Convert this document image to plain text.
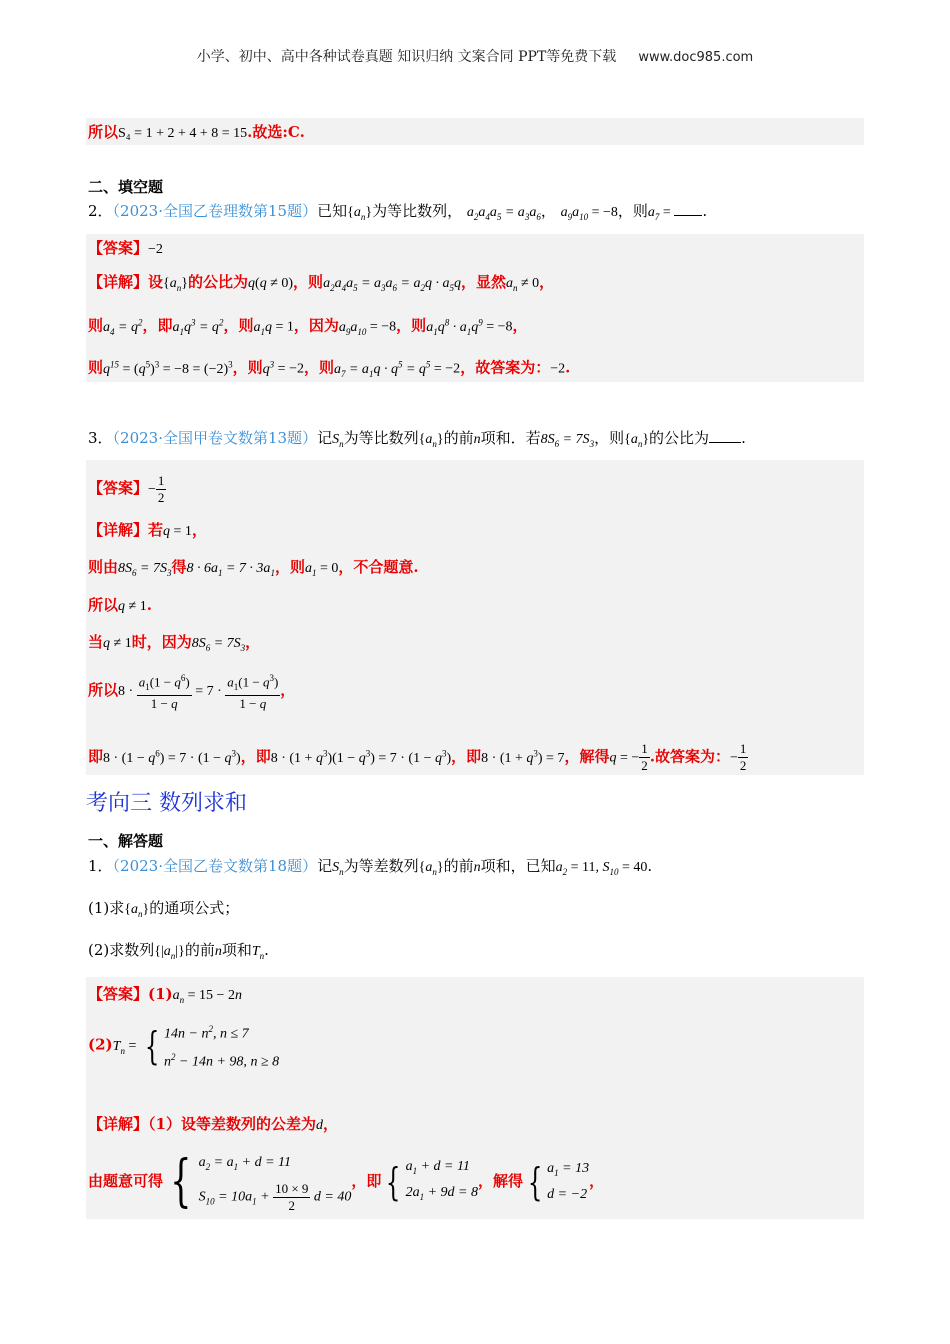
小学、初中、高中各种试卷真题 知识归纳 文案合同 PPT等免费下载 www.doc985.com
所以S₄ = 1 + 2 + 4 + 8 = 15.故选:C.
二、填空题
2．（2023·全国乙卷理数第15题）已知$\{a_n\}$为等比数列， $a_2a_4a_5 = a_3a_6$， $a_9a_{10} = -8$，则$a_7$ = .
【答案】−2
【详解】设$\{a_n\}$的公比为q(q ≠ 0)，则$a_2a_4a_5 = a_3a_6 = a_2q \cdot a_5q$，显然$a_n \ne 0$，
则$a_4 = q^2$，即$a_1q^3 = q^2$，则$a_1q = 1$，因为$a_9a_{10} = -8$，则$a_1q^8 \cdot a_1q^9 = -8$，
则$q^{15} = (q^5)^3 = -8 = (-2)^3$，则$q^3 = -2$，则$a_7 = a_1q \cdot q^5 = q^5 = -2$，故答案为：−2.
3．（2023·全国甲卷文数第13题）记$S_n$为等比数列$\{a_n\}$的前n项和．若$8S_6 = 7S_3$，则$\{a_n\}$的公比为 .
【答案】− $\frac{1}{2}$
【详解】若q = 1，
则由$8S_6 = 7S_3$得$8 \cdot 6a_1 = 7 \cdot 3a_1$，则$a_1 = 0$，不合题意.
所以q ≠ 1.
当q ≠ 1时，因为$8S_6 = 7S_3$，
所以$8 \cdot \frac{a_1(1 - q^6)}{1 - q} = 7 \cdot \frac{a_1(1 - q^3)}{1 - q}$ ，
即$8 \cdot (1 - q^6) = 7 \cdot (1 - q^3)$，即$8 \cdot (1 + q^3)(1 - q^3) = 7 \cdot (1 - q^3)$，即$8 \cdot (1 + q^3) = 7$，解得q = − $\frac{1}{2}$ .故答案为：− $\frac{1}{2}$
考向三 数列求和
一、解答题
1．（2023·全国乙卷文数第18题）记$S_n$为等差数列$\{a_n\}$的前n项和，已知$a_2 = 11$, $S_{10} = 40$.
(1)求$\{a_n\}$的通项公式；
(2)求数列$\{|a_n|\}$的前n项和$T_n$.
【答案】$(1)a_n = 15 - 2n$
$(2)T_n$ = { $14n - n^2$, n ≤ 7
$n^2 - 14n + 98$, n ≥ 8
【详解】（1）设等差数列的公差为d，
由题意可得 { $a_2 = a_1 + d = 11$
$S_{10} = 10a_1 + \frac{10 \times 9}{2}$ d = 40，即 { $a_1 + d = 11$
$2a_1 + 9d = 8$，解得 { $a_1 = 13$
d = −2，
